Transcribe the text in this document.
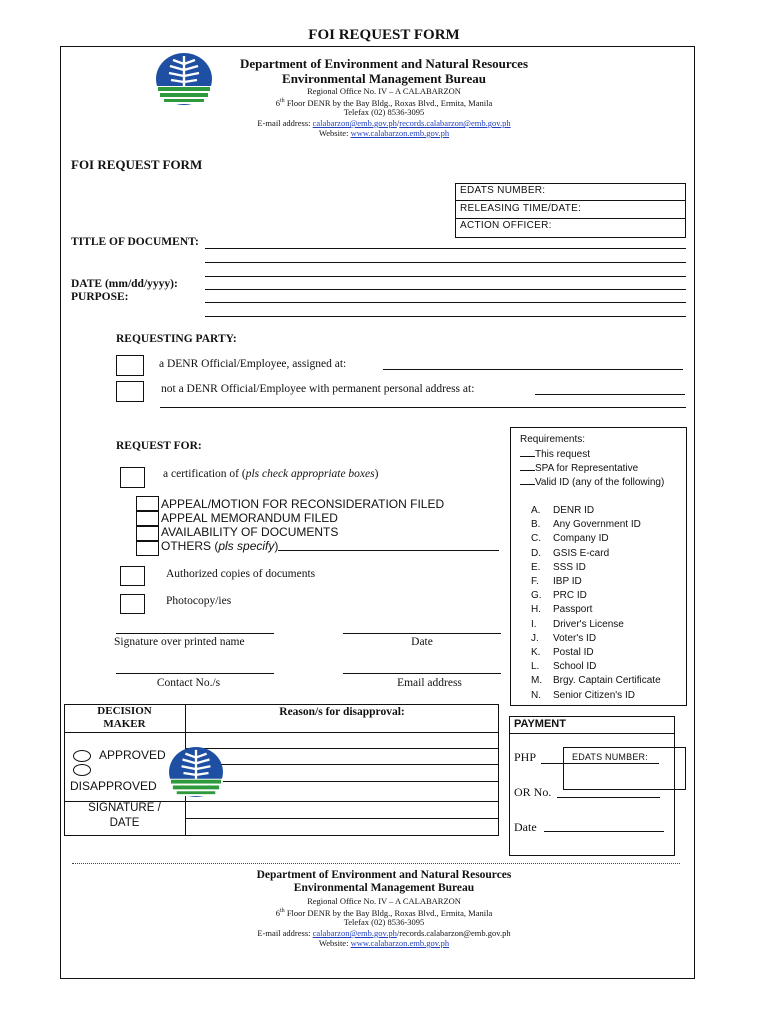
FOI REQUEST FORM
Department of Environment and Natural Resources
Environmental Management Bureau
Regional Office No. IV – A CALABARZON
6th Floor DENR by the Bay Bldg., Roxas Blvd., Ermita, Manila
Telefax (02) 8536-3095
E-mail address: calabarzon@emb.gov.ph/records.calabarzon@emb.gov.ph
Website: www.calabarzon.emb.gov.ph
FOI REQUEST FORM
EDATS NUMBER:
RELEASING TIME/DATE:
ACTION OFFICER:
TITLE OF DOCUMENT:
DATE (mm/dd/yyyy):
PURPOSE:
REQUESTING PARTY:
a DENR Official/Employee, assigned at:
not a DENR Official/Employee with permanent personal address at:
REQUEST FOR:
a certification of (pls check appropriate boxes)
APPEAL/MOTION FOR RECONSIDERATION FILED
APPEAL MEMORANDUM FILED
AVAILABILITY OF DOCUMENTS
OTHERS (pls specify)
Authorized copies of documents
Photocopy/ies
Signature over printed name	Date
Contact No./s	Email address
Requirements:
This request
SPA for Representative
Valid ID (any of the following)
A. DENR ID
B. Any Government ID
C. Company ID
D. GSIS E-card
E. SSS ID
F. IBP ID
G. PRC ID
H. Passport
I. Driver's License
J. Voter's ID
K. Postal ID
L. School ID
M. Brgy. Captain Certificate
N. Senior Citizen's ID
DECISION
MAKER
Reason/s for disapproval:
APPROVED
DISAPPROVED
SIGNATURE /
DATE
PAYMENT
PHP	EDATS NUMBER:
OR No.
Date
Department of Environment and Natural Resources
Environmental Management Bureau
Regional Office No. IV – A CALABARZON
6th Floor DENR by the Bay Bldg., Roxas Blvd., Ermita, Manila
Telefax (02) 8536-3095
E-mail address: calabarzon@emb.gov.ph/records.calabarzon@emb.gov.ph
Website: www.calabarzon.emb.gov.ph
